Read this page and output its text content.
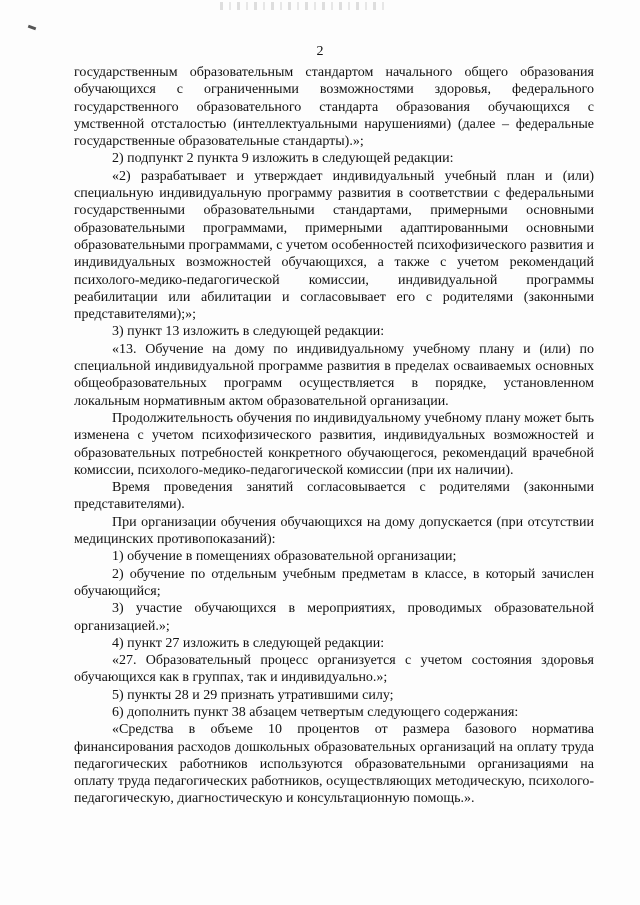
2

государственным образовательным стандартом начального общего образования обучающихся с ограниченными возможностями здоровья, федерального государственного образовательного стандарта образования обучающихся с умственной отсталостью (интеллектуальными нарушениями) (далее – федеральные государственные образовательные стандарты).»;

2) подпункт 2 пункта 9 изложить в следующей редакции:

«2) разрабатывает и утверждает индивидуальный учебный план и (или) специальную индивидуальную программу развития в соответствии с федеральными государственными образовательными стандартами, примерными основными образовательными программами, примерными адаптированными основными образовательными программами, с учетом особенностей психофизического развития и индивидуальных возможностей обучающихся, а также с учетом рекомендаций психолого-медико-педагогической комиссии, индивидуальной программы реабилитации или абилитации и согласовывает его с родителями (законными представителями);»;

3) пункт 13 изложить в следующей редакции:

«13. Обучение на дому по индивидуальному учебному плану и (или) по специальной индивидуальной программе развития в пределах осваиваемых основных общеобразовательных программ осуществляется в порядке, установленном локальным нормативным актом образовательной организации.

Продолжительность обучения по индивидуальному учебному плану может быть изменена с учетом психофизического развития, индивидуальных возможностей и образовательных потребностей конкретного обучающегося, рекомендаций врачебной комиссии, психолого-медико-педагогической комиссии (при их наличии).

Время проведения занятий согласовывается с родителями (законными представителями).

При организации обучения обучающихся на дому допускается (при отсутствии медицинских противопоказаний):

1) обучение в помещениях образовательной организации;

2) обучение по отдельным учебным предметам в классе, в который зачислен обучающийся;

3) участие обучающихся в мероприятиях, проводимых образовательной организацией.»;

4) пункт 27 изложить в следующей редакции:

«27. Образовательный процесс организуется с учетом состояния здоровья обучающихся как в группах, так и индивидуально.»;

5) пункты 28 и 29 признать утратившими силу;

6) дополнить пункт 38 абзацем четвертым следующего содержания:

«Средства в объеме 10 процентов от размера базового норматива финансирования расходов дошкольных образовательных организаций на оплату труда педагогических работников используются образовательными организациями на оплату труда педагогических работников, осуществляющих методическую, психолого-педагогическую, диагностическую и консультационную помощь.».
